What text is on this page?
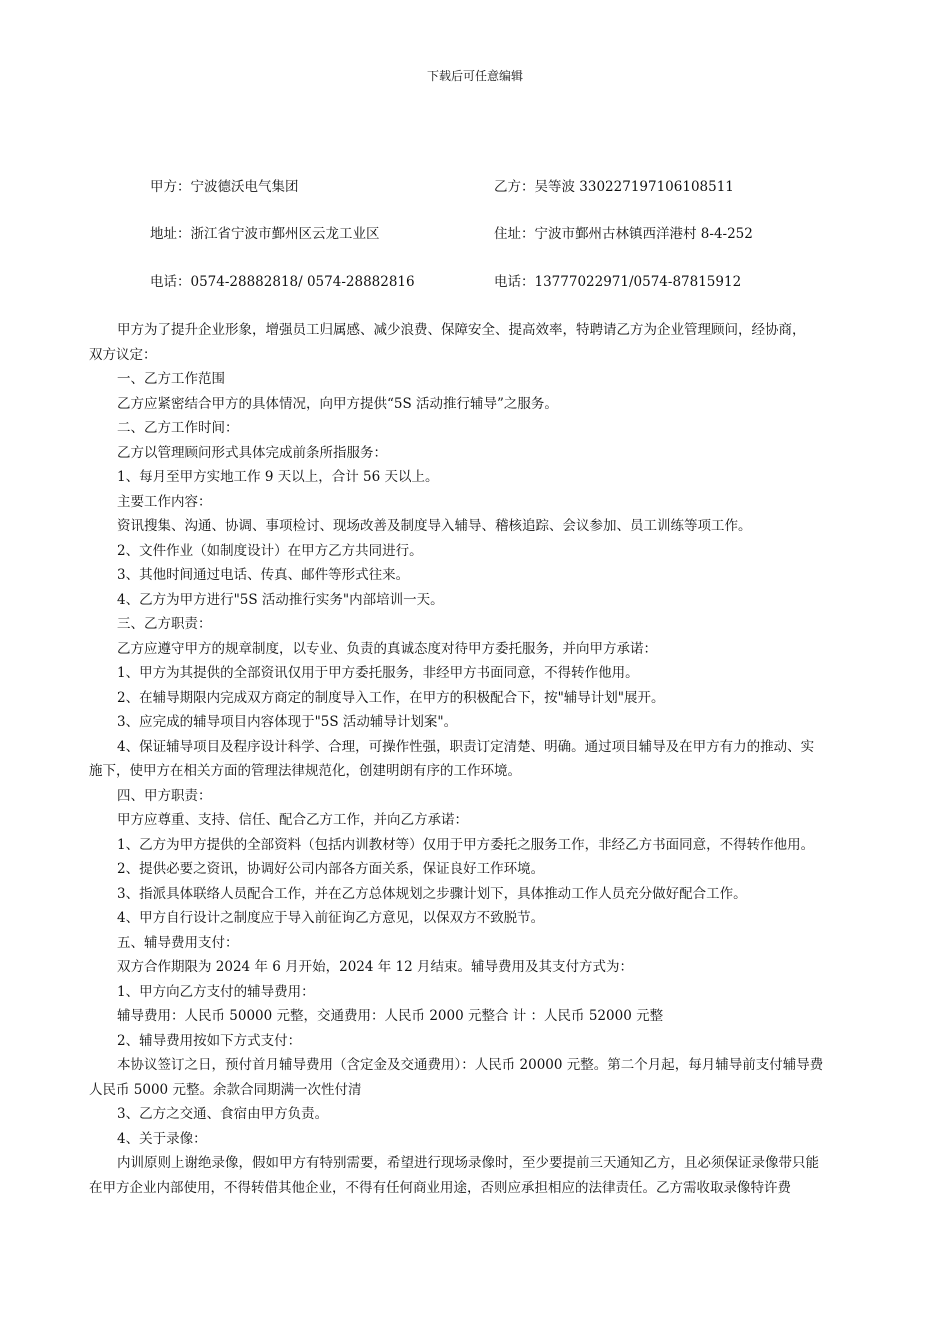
下载后可任意编辑
甲方：宁波德沃电气集团	乙方：吴等波 330227197106108511
地址：浙江省宁波市鄞州区云龙工业区	住址：宁波市鄞州古林镇西洋港村 8-4-252
电话：0574-28882818/ 0574-28882816	电话：13777022971/0574-87815912

甲方为了提升企业形象，增强员工归属感、减少浪费、保障安全、提高效率，特聘请乙方为企业管理顾问，经协商，

双方议定：

一、乙方工作范围

乙方应紧密结合甲方的具体情况，向甲方提供“5S 活动推行辅导”之服务。

二、乙方工作时间：

乙方以管理顾问形式具体完成前条所指服务：

1、每月至甲方实地工作 9 天以上，合计 56 天以上。

主要工作内容：

资讯搜集、沟通、协调、事项检讨、现场改善及制度导入辅导、稽核追踪、会议参加、员工训练等项工作。

2、文件作业（如制度设计）在甲方乙方共同进行。

3、其他时间通过电话、传真、邮件等形式往来。

4、乙方为甲方进行"5S 活动推行实务"内部培训一天。

三、乙方职责：

乙方应遵守甲方的规章制度，以专业、负责的真诚态度对待甲方委托服务，并向甲方承诺：

1、甲方为其提供的全部资讯仅用于甲方委托服务，非经甲方书面同意，不得转作他用。

2、在辅导期限内完成双方商定的制度导入工作，在甲方的积极配合下，按"辅导计划"展开。

3、应完成的辅导项目内容体现于"5S 活动辅导计划案"。

4、保证辅导项目及程序设计科学、合理，可操作性强，职责订定清楚、明确。通过项目辅导及在甲方有力的推动、实

施下，使甲方在相关方面的管理法律规范化，创建明朗有序的工作环境。

四、甲方职责：

甲方应尊重、支持、信任、配合乙方工作，并向乙方承诺：

1、乙方为甲方提供的全部资料（包括内训教材等）仅用于甲方委托之服务工作，非经乙方书面同意，不得转作他用。

2、提供必要之资讯，协调好公司内部各方面关系，保证良好工作环境。

3、指派具体联络人员配合工作，并在乙方总体规划之步骤计划下，具体推动工作人员充分做好配合工作。

4、甲方自行设计之制度应于导入前征询乙方意见，以保双方不致脱节。

五、辅导费用支付：

双方合作期限为 2024 年 6 月开始，2024 年 12 月结束。辅导费用及其支付方式为：

1、甲方向乙方支付的辅导费用：

辅导费用：人民币 50000 元整，交通费用：人民币 2000 元整合 计 ：人民币 52000 元整

2、辅导费用按如下方式支付：

本协议签订之日，预付首月辅导费用（含定金及交通费用）：人民币 20000 元整。第二个月起，每月辅导前支付辅导费

人民币 5000 元整。余款合同期满一次性付清

3、乙方之交通、食宿由甲方负责。

4、关于录像：

内训原则上谢绝录像，假如甲方有特别需要，希望进行现场录像时，至少要提前三天通知乙方，且必须保证录像带只能

在甲方企业内部使用，不得转借其他企业，不得有任何商业用途，否则应承担相应的法律责任。乙方需收取录像特许费
